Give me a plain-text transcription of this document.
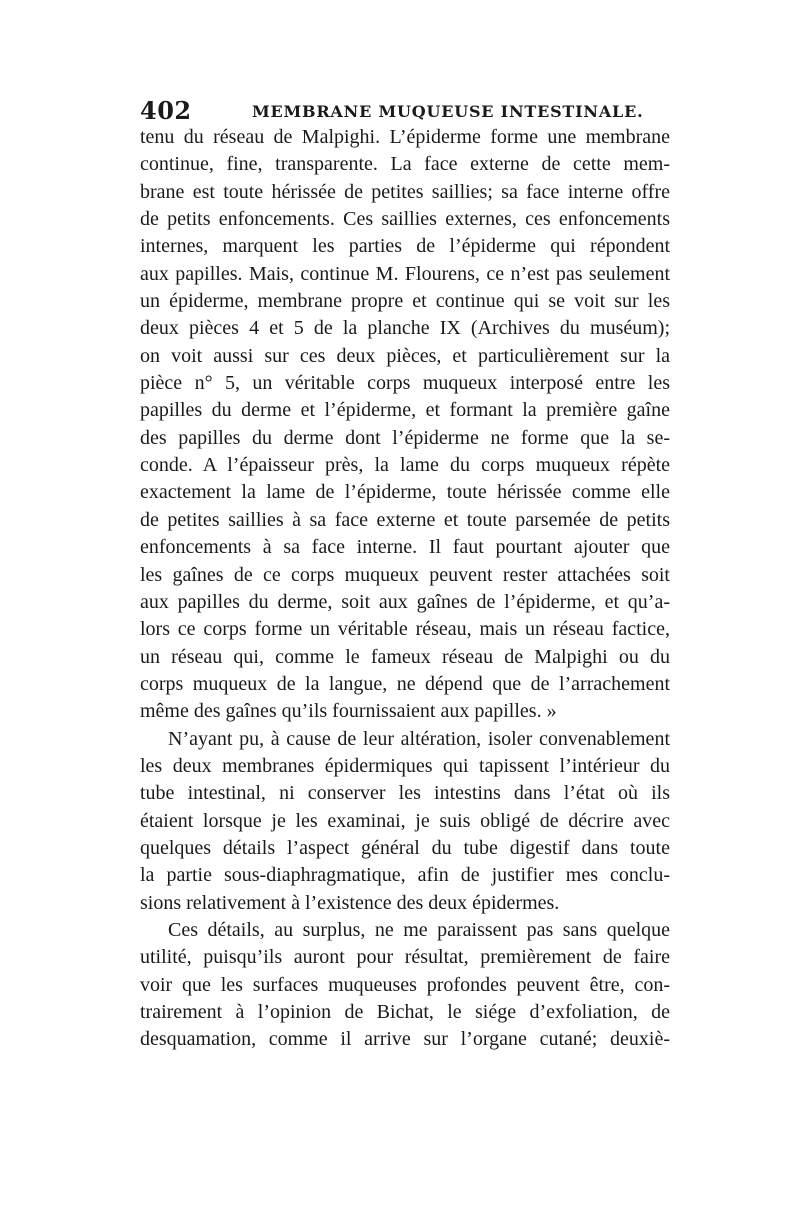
402	MEMBRANE MUQUEUSE INTESTINALE.
tenu du réseau de Malpighi. L’épiderme forme une membrane
continue, fine, transparente. La face externe de cette mem-
brane est toute hérissée de petites saillies; sa face interne offre
de petits enfoncements. Ces saillies externes, ces enfoncements
internes, marquent les parties de l’épiderme qui répondent
aux papilles. Mais, continue M. Flourens, ce n’est pas seulement
un épiderme, membrane propre et continue qui se voit sur les
deux pièces 4 et 5 de la planche IX (Archives du muséum);
on voit aussi sur ces deux pièces, et particulièrement sur la
pièce n° 5, un véritable corps muqueux interposé entre les
papilles du derme et l’épiderme, et formant la première gaîne
des papilles du derme dont l’épiderme ne forme que la se-
conde. A l’épaisseur près, la lame du corps muqueux répète
exactement la lame de l’épiderme, toute hérissée comme elle
de petites saillies à sa face externe et toute parsemée de petits
enfoncements à sa face interne. Il faut pourtant ajouter que
les gaînes de ce corps muqueux peuvent rester attachées soit
aux papilles du derme, soit aux gaînes de l’épiderme, et qu’a-
lors ce corps forme un véritable réseau, mais un réseau factice,
un réseau qui, comme le fameux réseau de Malpighi ou du
corps muqueux de la langue, ne dépend que de l’arrachement
même des gaînes qu’ils fournissaient aux papilles. »
N’ayant pu, à cause de leur altération, isoler convenablement
les deux membranes épidermiques qui tapissent l’intérieur du
tube intestinal, ni conserver les intestins dans l’état où ils
étaient lorsque je les examinai, je suis obligé de décrire avec
quelques détails l’aspect général du tube digestif dans toute
la partie sous-diaphragmatique, afin de justifier mes conclu-
sions relativement à l’existence des deux épidermes.
Ces détails, au surplus, ne me paraissent pas sans quelque
utilité, puisqu’ils auront pour résultat, premièrement de faire
voir que les surfaces muqueuses profondes peuvent être, con-
trairement à l’opinion de Bichat, le siége d’exfoliation, de
desquamation, comme il arrive sur l’organe cutané; deuxiè-
